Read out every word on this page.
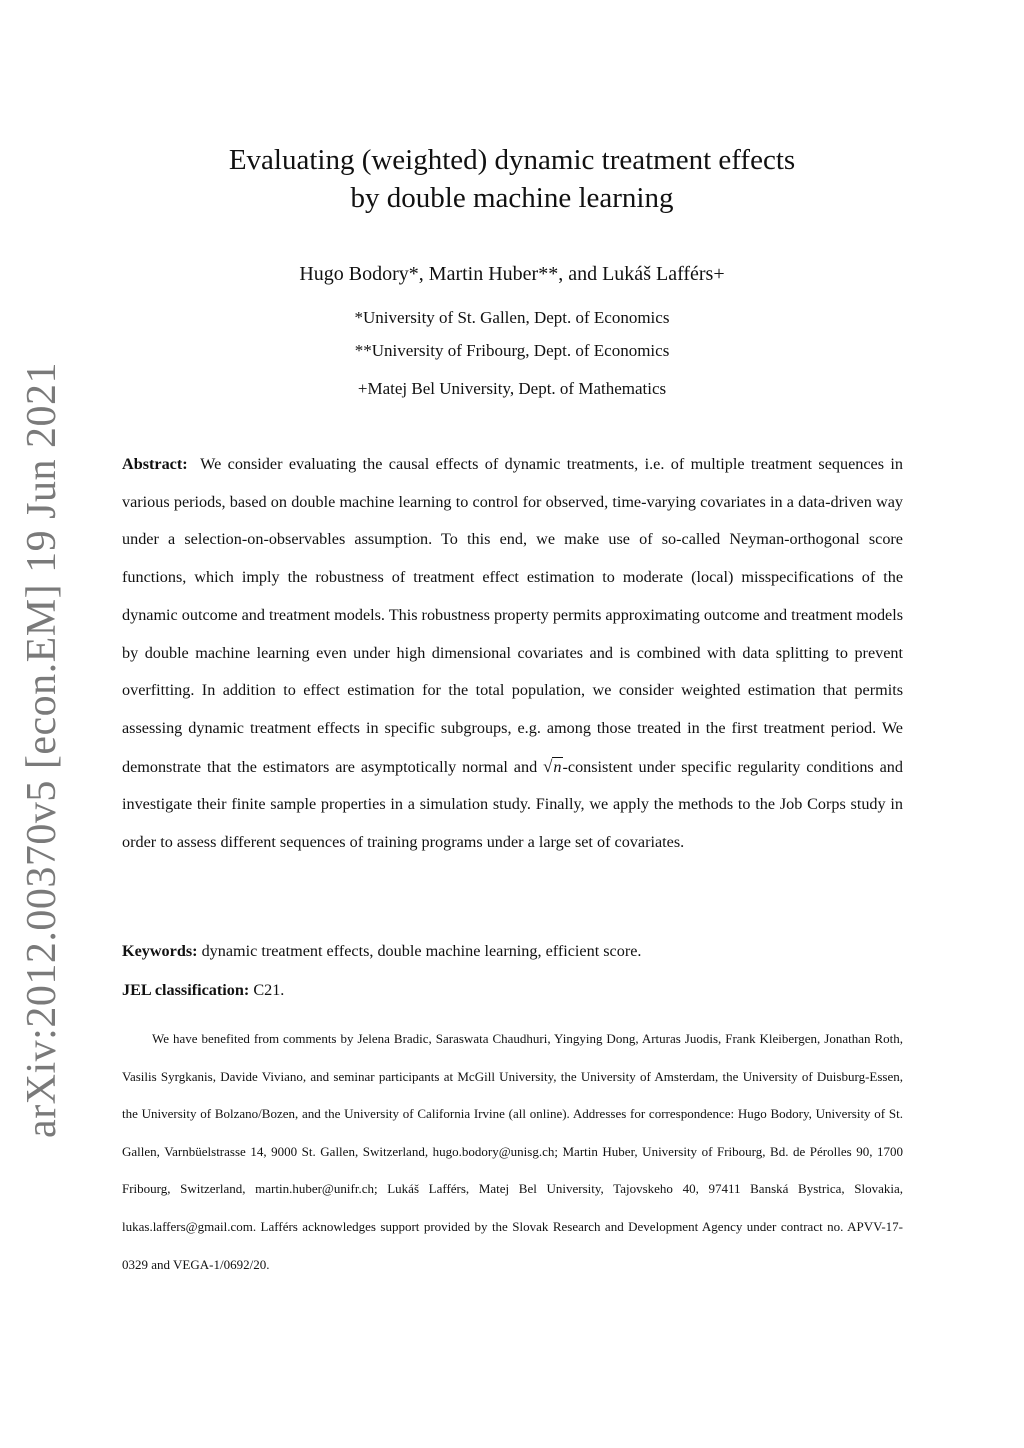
arXiv:2012.00370v5 [econ.EM] 19 Jun 2021
Evaluating (weighted) dynamic treatment effects
by double machine learning
Hugo Bodory*, Martin Huber**, and Lukáš Lafférs+
*University of St. Gallen, Dept. of Economics
**University of Fribourg, Dept. of Economics
+Matej Bel University, Dept. of Mathematics
Abstract: We consider evaluating the causal effects of dynamic treatments, i.e. of multiple treatment sequences in various periods, based on double machine learning to control for observed, time-varying covariates in a data-driven way under a selection-on-observables assumption. To this end, we make use of so-called Neyman-orthogonal score functions, which imply the robustness of treatment effect estimation to moderate (local) misspecifications of the dynamic outcome and treatment models. This robustness property permits approximating outcome and treatment models by double machine learning even under high dimensional covariates and is combined with data splitting to prevent overfitting. In addition to effect estimation for the total population, we consider weighted estimation that permits assessing dynamic treatment effects in specific subgroups, e.g. among those treated in the first treatment period. We demonstrate that the estimators are asymptotically normal and √n-consistent under specific regularity conditions and investigate their finite sample properties in a simulation study. Finally, we apply the methods to the Job Corps study in order to assess different sequences of training programs under a large set of covariates.
Keywords: dynamic treatment effects, double machine learning, efficient score.
JEL classification: C21.
We have benefited from comments by Jelena Bradic, Saraswata Chaudhuri, Yingying Dong, Arturas Juodis, Frank Kleibergen, Jonathan Roth, Vasilis Syrgkanis, Davide Viviano, and seminar participants at McGill University, the University of Amsterdam, the University of Duisburg-Essen, the University of Bolzano/Bozen, and the University of California Irvine (all online). Addresses for correspondence: Hugo Bodory, University of St. Gallen, Varnbüelstrasse 14, 9000 St. Gallen, Switzerland, hugo.bodory@unisg.ch; Martin Huber, University of Fribourg, Bd. de Pérolles 90, 1700 Fribourg, Switzerland, martin.huber@unifr.ch; Lukáš Lafférs, Matej Bel University, Tajovskeho 40, 97411 Banská Bystrica, Slovakia, lukas.laffers@gmail.com. Lafférs acknowledges support provided by the Slovak Research and Development Agency under contract no. APVV-17-0329 and VEGA-1/0692/20.
